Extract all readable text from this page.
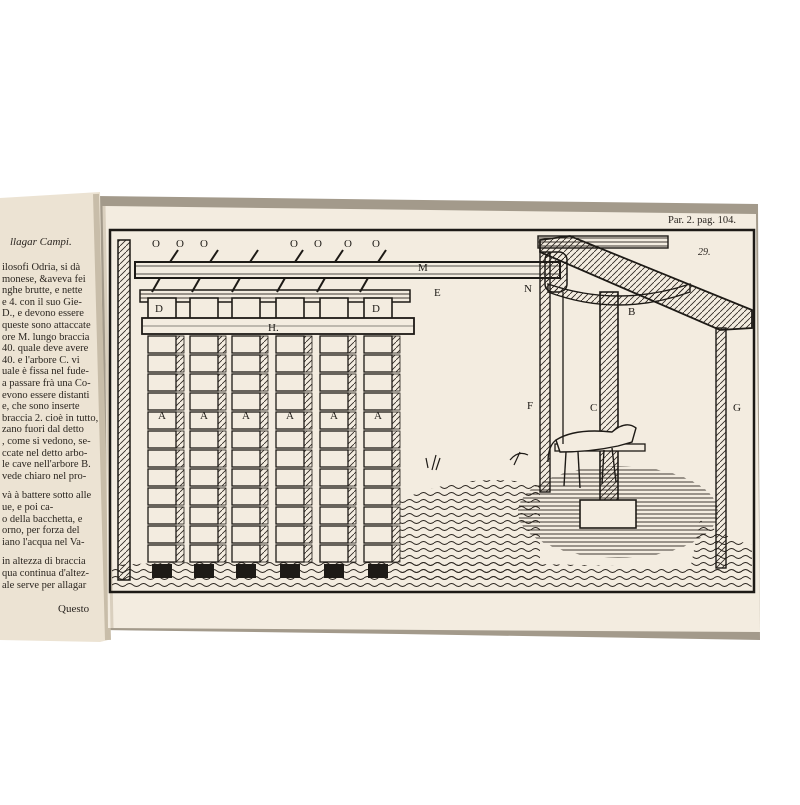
llagar Campi.
Par. 2. pag. 104.
29.
Questo
ilosofi Odria, si dà
monese, &aveva fei
nghe brutte, e nette
e 4. con il suo Gie-
D., e devono essere
queste sono attaccate
ore M. lungo braccia
40. quale deve avere
40. e l'arbore C. vi
uale è fissa nel fude-
a passare frà una Co-
evono essere distanti
e, che sono inserte
braccia 2. cioè in tutto,
zano fuori dal detto
, come si vedono, se-
ccate nel detto arbo-
le cave nell'arbore B.
vede chiaro nel pro-
và à battere sotto alle
ue, e poi ca-
o della bacchetta, e
orno, per forza del
iano l'acqua nel Va-
in altezza di braccia
qua continua d'altez-
ale serve per allagar
M
E	N
D	D
H.
B
F	C	G
A	A	A	A	A	A
O O O	O O O O
